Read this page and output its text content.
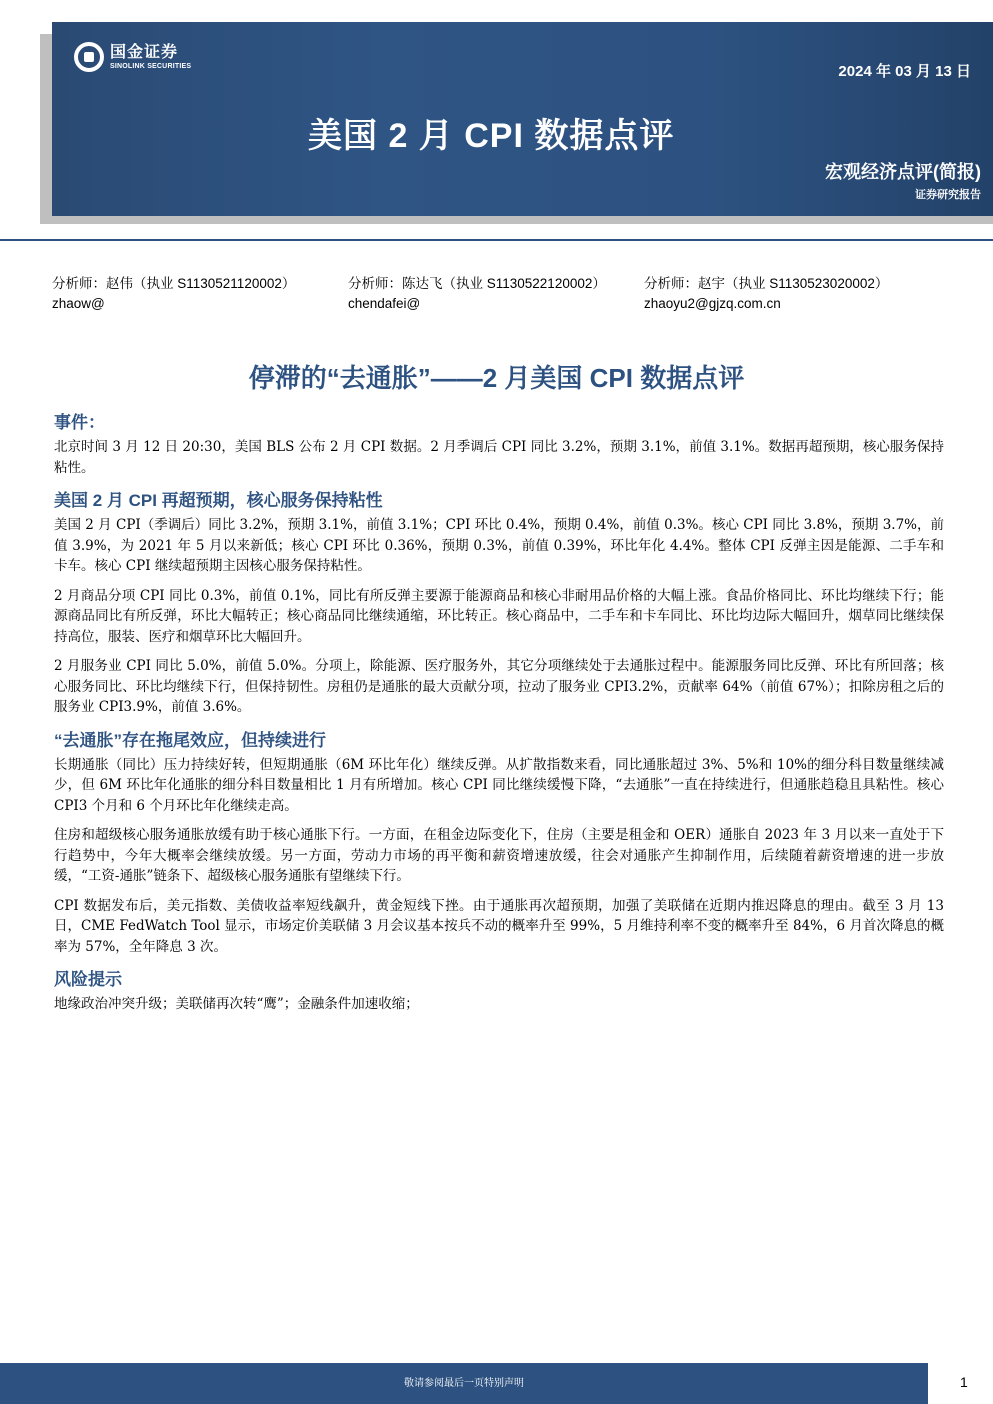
国金证券
SINOLINK SECURITIES	2024 年 03 月 13 日
美国 2 月 CPI 数据点评
宏观经济点评(简报)
证券研究报告
分析师：赵伟（执业 S1130521120002）
zhaow@
分析师：陈达飞（执业 S1130522120002）
chendafei@
分析师：赵宇（执业 S1130523020002）
zhaoyu2@gjzq.com.cn
停滞的“去通胀”——2 月美国 CPI 数据点评
事件：

北京时间 3 月 12 日 20:30，美国 BLS 公布 2 月 CPI 数据。2 月季调后 CPI 同比 3.2%，预期 3.1%，前值 3.1%。数据再超预期，核心服务保持粘性。

美国 2 月 CPI 再超预期，核心服务保持粘性

美国 2 月 CPI（季调后）同比 3.2%，预期 3.1%，前值 3.1%；CPI 环比 0.4%，预期 0.4%，前值 0.3%。核心 CPI 同比 3.8%，预期 3.7%，前值 3.9%，为 2021 年 5 月以来新低；核心 CPI 环比 0.36%，预期 0.3%，前值 0.39%，环比年化 4.4%。整体 CPI 反弹主因是能源、二手车和卡车。核心 CPI 继续超预期主因核心服务保持粘性。

2 月商品分项 CPI 同比 0.3%，前值 0.1%，同比有所反弹主要源于能源商品和核心非耐用品价格的大幅上涨。食品价格同比、环比均继续下行；能源商品同比有所反弹，环比大幅转正；核心商品同比继续通缩，环比转正。核心商品中，二手车和卡车同比、环比均边际大幅回升，烟草同比继续保持高位，服装、医疗和烟草环比大幅回升。

2 月服务业 CPI 同比 5.0%，前值 5.0%。分项上，除能源、医疗服务外，其它分项继续处于去通胀过程中。能源服务同比反弹、环比有所回落；核心服务同比、环比均继续下行，但保持韧性。房租仍是通胀的最大贡献分项，拉动了服务业 CPI3.2%，贡献率 64%（前值 67%）；扣除房租之后的服务业 CPI3.9%，前值 3.6%。

“去通胀”存在拖尾效应，但持续进行

长期通胀（同比）压力持续好转，但短期通胀（6M 环比年化）继续反弹。从扩散指数来看，同比通胀超过 3%、5%和 10%的细分科目数量继续减少，但 6M 环比年化通胀的细分科目数量相比 1 月有所增加。核心 CPI 同比继续缓慢下降，“去通胀”一直在持续进行，但通胀趋稳且具粘性。核心 CPI3 个月和 6 个月环比年化继续走高。

住房和超级核心服务通胀放缓有助于核心通胀下行。一方面，在租金边际变化下，住房（主要是租金和 OER）通胀自 2023 年 3 月以来一直处于下行趋势中，今年大概率会继续放缓。另一方面，劳动力市场的再平衡和薪资增速放缓，往会对通胀产生抑制作用，后续随着薪资增速的进一步放缓，“工资-通胀”链条下、超级核心服务通胀有望继续下行。

CPI 数据发布后，美元指数、美债收益率短线飙升，黄金短线下挫。由于通胀再次超预期，加强了美联储在近期内推迟降息的理由。截至 3 月 13 日，CME FedWatch Tool 显示，市场定价美联储 3 月会议基本按兵不动的概率升至 99%，5 月维持利率不变的概率升至 84%，6 月首次降息的概率为 57%，全年降息 3 次。

风险提示

地缘政治冲突升级；美联储再次转“鹰”；金融条件加速收缩；

敬请参阅最后一页特别声明	1
